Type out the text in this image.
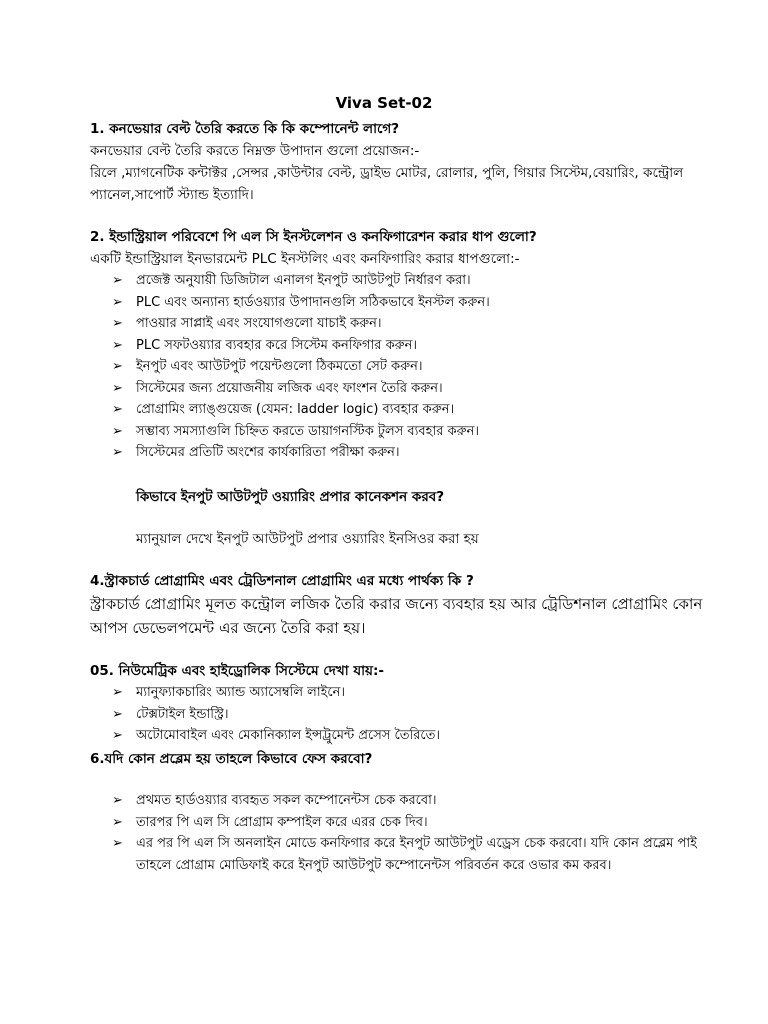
Viva Set-02
1. কনভেয়ার বেল্ট তৈরি করতে কি কি কম্পোনেন্ট লাগে?
কনভেয়ার বেল্ট তৈরি করতে নিম্নক্ত উপাদান গুলো প্রয়োজন:-
রিলে ,ম্যাগনেটিক কন্টাক্টর ,সেন্সর ,কাউন্টার বেল্ট, ড্রাইভ মোটর, রোলার, পুলি, গিয়ার সিস্টেম,বেয়ারিং, কন্ট্রোল প্যানেল,সাপোর্ট স্ট্যান্ড ইত্যাদি।
2. ইন্ডাস্ট্রিয়াল পরিবেশে পি এল সি ইনস্টলেশন ও কনফিগারেশন করার ধাপ গুলো?
একটি ইন্ডাস্ট্রিয়াল ইনভারমেন্ট PLC ইনস্টলিং এবং কনফিগারিং করার ধাপগুলো:-
➢ প্রজেক্ট অনুযায়ী ডিজিটাল এনালগ ইনপুট আউটপুট নির্ধারণ করা।
➢ PLC এবং অন্যান্য হার্ডওয়্যার উপাদানগুলি সঠিকভাবে ইনস্টল করুন।
➢ পাওয়ার সাপ্লাই এবং সংযোগগুলো যাচাই করুন।
➢ PLC সফটওয়্যার ব্যবহার করে সিস্টেম কনফিগার করুন।
➢ ইনপুট এবং আউটপুট পয়েন্টগুলো ঠিকমতো সেট করুন।
➢ সিস্টেমের জন্য প্রয়োজনীয় লজিক এবং ফাংশন তৈরি করুন।
➢ প্রোগ্রামিং ল্যাঙ্গুয়েজ (যেমন: ladder logic) ব্যবহার করুন।
➢ সম্ভাব্য সমস্যাগুলি চিহ্নিত করতে ডায়াগনস্টিক টুলস ব্যবহার করুন।
➢ সিস্টেমের প্রতিটি অংশের কার্যকারিতা পরীক্ষা করুন।
কিভাবে ইনপুট আউটপুট ওয়্যারিং প্রপার কানেকশন করব?
ম্যানুয়াল দেখে ইনপুট আউটপুট প্রপার ওয়্যারিং ইনসিওর করা হয়
4.স্ট্রাকচার্ড প্রোগ্রামিং এবং ট্রেডিশনাল প্রোগ্রামিং এর মধ্যে পার্থক্য কি ?
স্ট্রাকচার্ড প্রোগ্রামিং মূলত কন্ট্রোল লজিক তৈরি করার জন্যে ব্যবহার হয় আর ট্রেডিশনাল প্রোগ্রামিং কোন আপস ডেভেলপমেন্ট এর জন্যে তৈরি করা হয়।
05. নিউমেট্রিক এবং হাইড্রোলিক সিস্টেমে দেখা যায়:-
➢ ম্যানুফ্যাকচারিং অ্যান্ড অ্যাসেম্বলি লাইনে।
➢ টেক্সটাইল ইন্ডাস্ট্রি।
➢ অটোমোবাইল এবং মেকানিক্যাল ইন্সট্রুমেন্ট প্রসেস তৈরিতে।
6.যদি কোন প্রব্লেম হয় তাহলে কিভাবে ফেস করবো?
➢ প্রথমত হার্ডওয়্যার ব্যবহৃত সকল কম্পোনেন্টস চেক করবো।
➢ তারপর পি এল সি প্রোগ্রাম কম্পাইল করে এরর চেক দিব।
➢ এর পর পি এল সি অনলাইন মোডে কনফিগার করে ইনপুট আউটপুট এড্রেস চেক করবো। যদি কোন প্রব্লেম পাই তাহলে প্রোগ্রাম মোডিফাই করে ইনপুট আউটপুট কম্পোনেন্টস পরিবর্তন করে ওভার কম করব।
